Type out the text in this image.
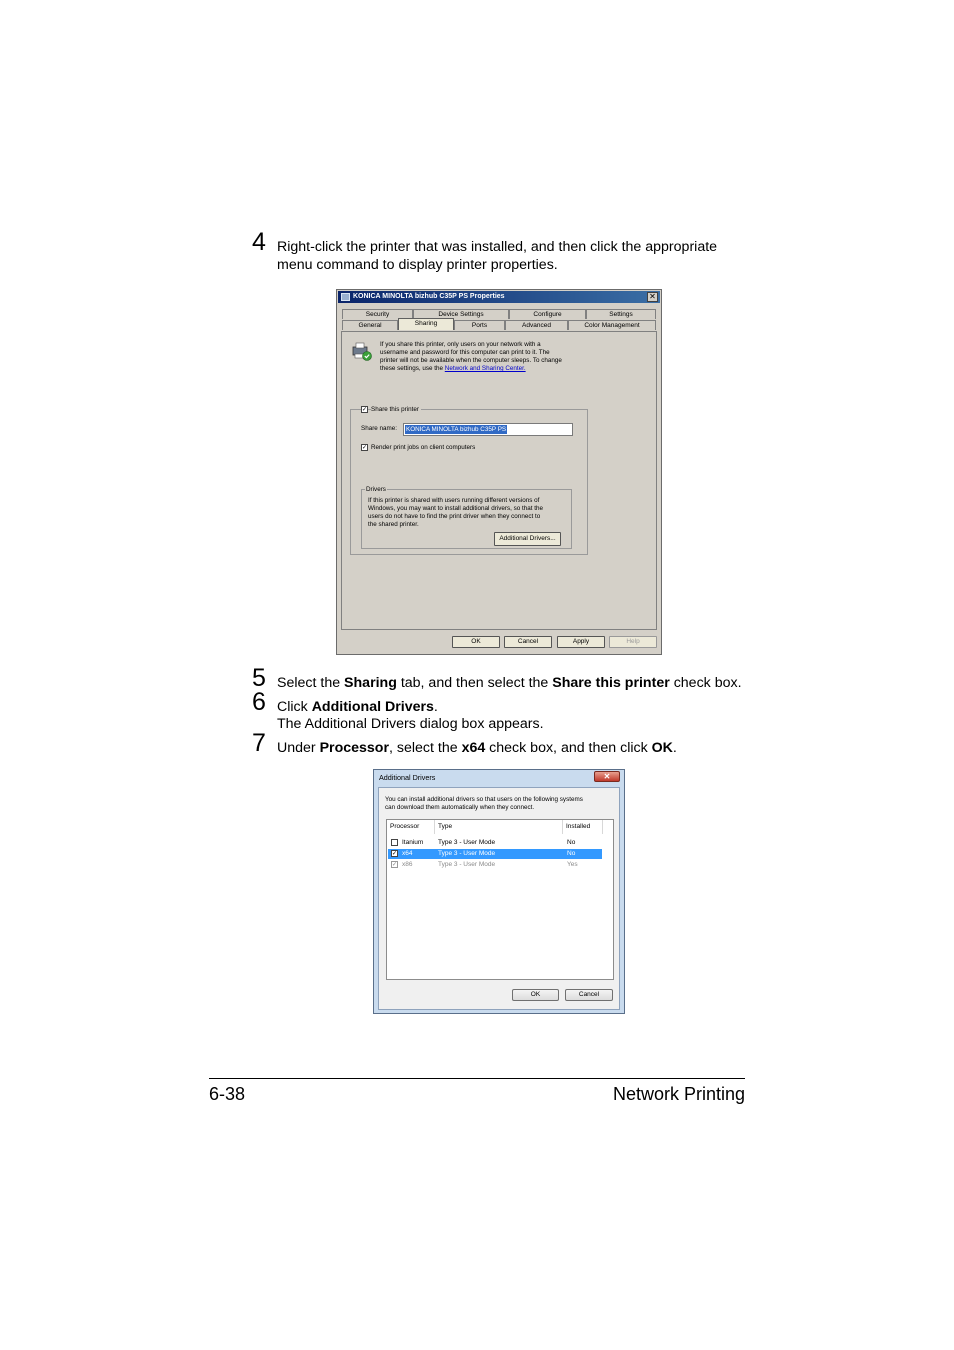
4 Right-click the printer that was installed, and then click the appropriate
menu command to display printer properties.
KONICA MINOLTA bizhub C35P PS Properties	✕
Security	Device Settings	Configure	Settings
General	Sharing	Ports	Advanced	Color Management
If you share this printer, only users on your network with a
username and password for this computer can print to it. The
printer will not be available when the computer sleeps. To change
these settings, use the Network and Sharing Center.
✓ Share this printer
Share name: KONICA MINOLTA bizhub C35P PS
✓ Render print jobs on client computers
Drivers
If this printer is shared with users running different versions of
Windows, you may want to install additional drivers, so that the
users do not have to find the print driver when they connect to
the shared printer.
Additional Drivers...
OK	Cancel	Apply	Help
5 Select the Sharing tab, and then select the Share this printer check box.
6 Click Additional Drivers.
The Additional Drivers dialog box appears.
7 Under Processor, select the x64 check box, and then click OK.
Additional Drivers	✕
You can install additional drivers so that users on the following systems
can download them automatically when they connect.
Processor	Type	Installed
Itanium Type 3 - User Mode	No
✓ x64	Type 3 - User Mode	No
✓ x86	Type 3 - User Mode	Yes
OK	Cancel
6-38	Network Printing
